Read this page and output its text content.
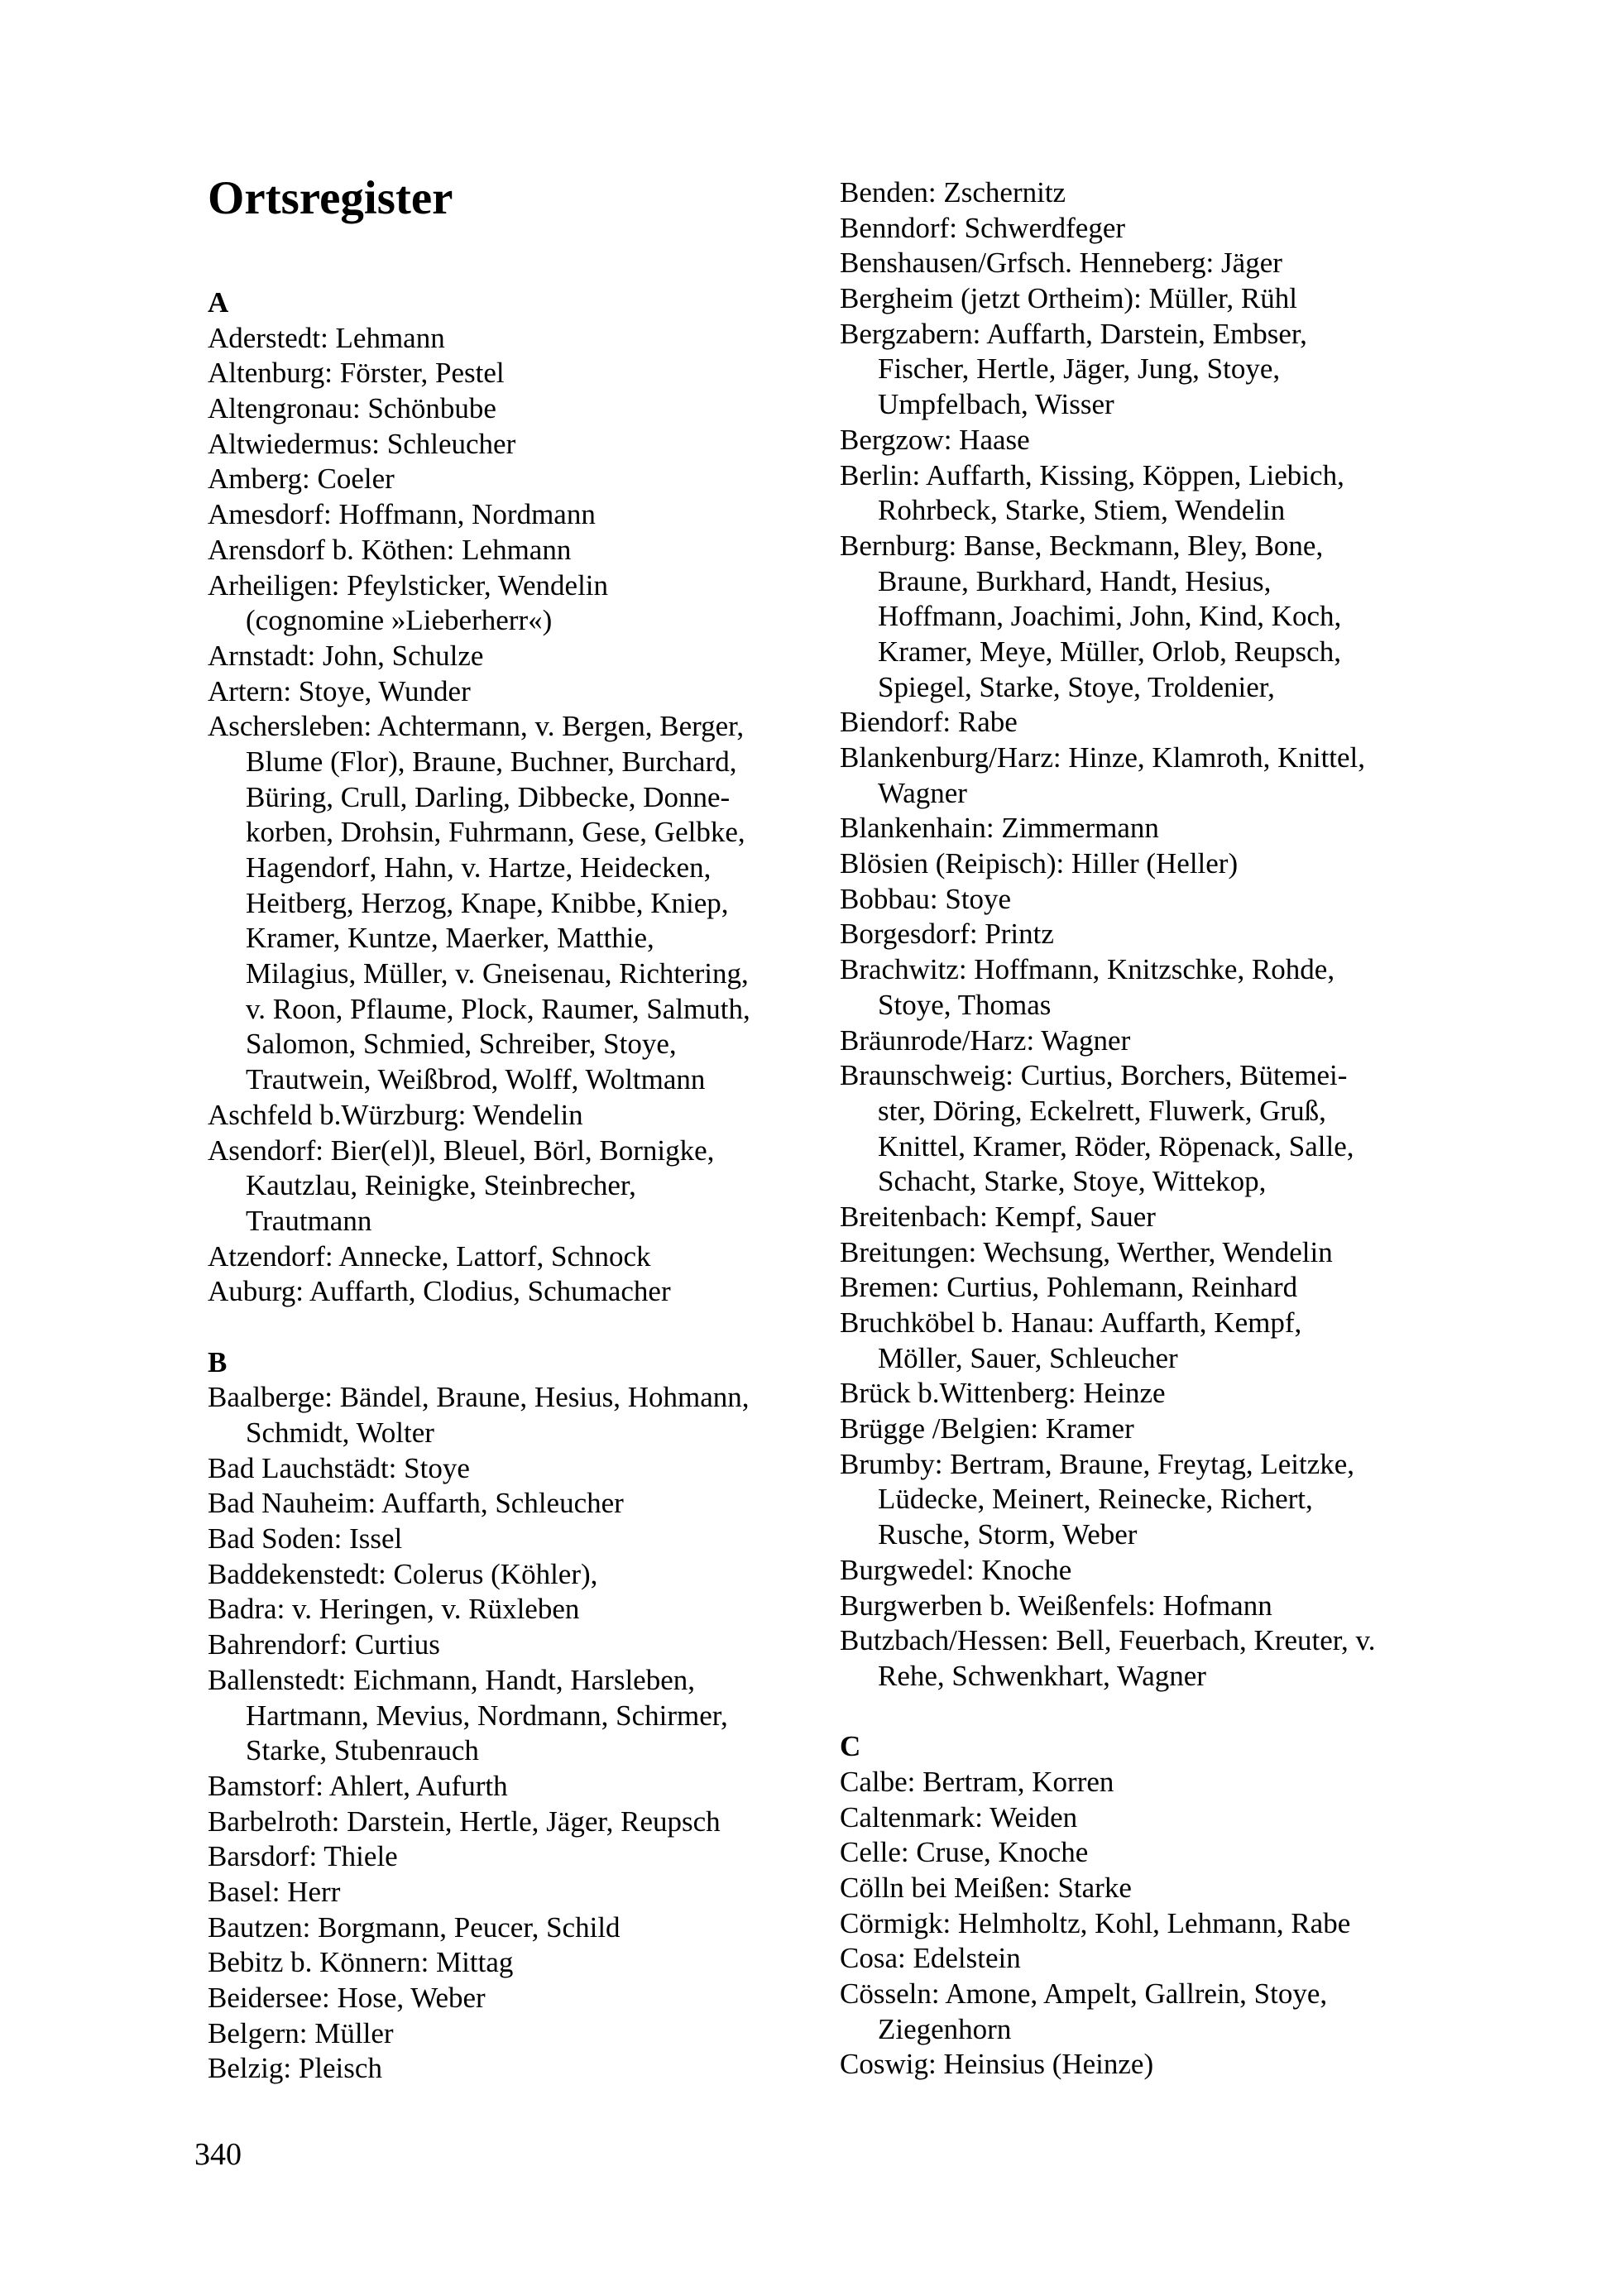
Ortsregister
A
Aderstedt: Lehmann
Altenburg: Förster, Pestel
Altengronau: Schönbube
Altwiedermus: Schleucher
Amberg: Coeler
Amesdorf: Hoffmann, Nordmann
Arensdorf b. Köthen: Lehmann
Arheiligen: Pfeylsticker, Wendelin
(cognomine »Lieberherr«)
Arnstadt: John, Schulze
Artern: Stoye, Wunder
Aschersleben: Achtermann, v. Bergen, Berger,
Blume (Flor), Braune, Buchner, Burchard,
Büring, Crull, Darling, Dibbecke, Donne-
korben, Drohsin, Fuhrmann, Gese, Gelbke,
Hagendorf, Hahn, v. Hartze, Heidecken,
Heitberg, Herzog, Knape, Knibbe, Kniep,
Kramer, Kuntze, Maerker, Matthie,
Milagius, Müller, v. Gneisenau, Richtering,
v. Roon, Pflaume, Plock, Raumer, Salmuth,
Salomon, Schmied, Schreiber, Stoye,
Trautwein, Weißbrod, Wolff, Woltmann
Aschfeld b.Würzburg: Wendelin
Asendorf: Bier(el)l, Bleuel, Börl, Bornigke,
Kautzlau, Reinigke, Steinbrecher,
Trautmann
Atzendorf: Annecke, Lattorf, Schnock
Auburg: Auffarth, Clodius, Schumacher
B
Baalberge: Bändel, Braune, Hesius, Hohmann,
Schmidt, Wolter
Bad Lauchstädt: Stoye
Bad Nauheim: Auffarth, Schleucher
Bad Soden: Issel
Baddekenstedt: Colerus (Köhler),
Badra: v. Heringen, v. Rüxleben
Bahrendorf: Curtius
Ballenstedt: Eichmann, Handt, Harsleben,
Hartmann, Mevius, Nordmann, Schirmer,
Starke, Stubenrauch
Bamstorf: Ahlert, Aufurth
Barbelroth: Darstein, Hertle, Jäger, Reupsch
Barsdorf: Thiele
Basel: Herr
Bautzen: Borgmann, Peucer, Schild
Bebitz b. Könnern: Mittag
Beidersee: Hose, Weber
Belgern: Müller
Belzig: Pleisch
Benden: Zschernitz
Benndorf: Schwerdfeger
Benshausen/Grfsch. Henneberg: Jäger
Bergheim (jetzt Ortheim): Müller, Rühl
Bergzabern: Auffarth, Darstein, Embser,
Fischer, Hertle, Jäger, Jung, Stoye,
Umpfelbach, Wisser
Bergzow: Haase
Berlin: Auffarth, Kissing, Köppen, Liebich,
Rohrbeck, Starke, Stiem, Wendelin
Bernburg: Banse, Beckmann, Bley, Bone,
Braune, Burkhard, Handt, Hesius,
Hoffmann, Joachimi, John, Kind, Koch,
Kramer, Meye, Müller, Orlob, Reupsch,
Spiegel, Starke, Stoye, Troldenier,
Biendorf: Rabe
Blankenburg/Harz: Hinze, Klamroth, Knittel,
Wagner
Blankenhain: Zimmermann
Blösien (Reipisch): Hiller (Heller)
Bobbau: Stoye
Borgesdorf: Printz
Brachwitz: Hoffmann, Knitzschke, Rohde,
Stoye, Thomas
Bräunrode/Harz: Wagner
Braunschweig: Curtius, Borchers, Bütemei-
ster, Döring, Eckelrett, Fluwerk, Gruß,
Knittel, Kramer, Röder, Röpenack, Salle,
Schacht, Starke, Stoye, Wittekop,
Breitenbach: Kempf, Sauer
Breitungen: Wechsung, Werther, Wendelin
Bremen: Curtius, Pohlemann, Reinhard
Bruchköbel b. Hanau: Auffarth, Kempf,
Möller, Sauer, Schleucher
Brück b.Wittenberg: Heinze
Brügge /Belgien: Kramer
Brumby: Bertram, Braune, Freytag, Leitzke,
Lüdecke, Meinert, Reinecke, Richert,
Rusche, Storm, Weber
Burgwedel: Knoche
Burgwerben b. Weißenfels: Hofmann
Butzbach/Hessen: Bell, Feuerbach, Kreuter, v.
Rehe, Schwenkhart, Wagner
C
Calbe: Bertram, Korren
Caltenmark: Weiden
Celle: Cruse, Knoche
Cölln bei Meißen: Starke
Cörmigk: Helmholtz, Kohl, Lehmann, Rabe
Cosa: Edelstein
Cösseln: Amone, Ampelt, Gallrein, Stoye,
Ziegenhorn
Coswig: Heinsius (Heinze)
340
